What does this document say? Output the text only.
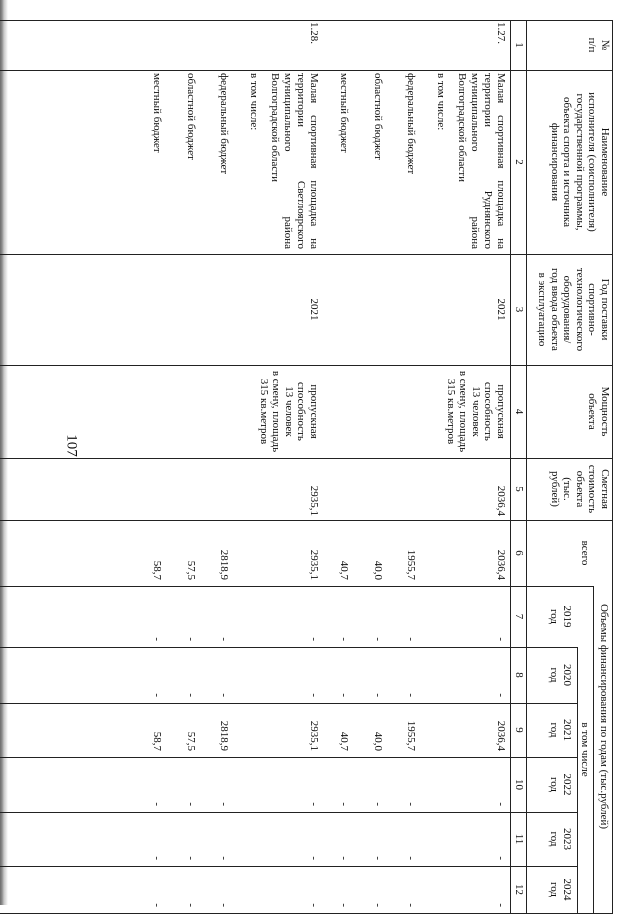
107
№
п/п
Наименование
исполнителя (соисполнителя)
государственной программы,
объекта спорта и источника
финансирования
Год поставки
спортивно-
технологического
оборудования/
год ввода объекта
в эксплуатацию
Мощность
объекта
Сметная
стоимость
объекта
(тыс.
рублей)
Объемы финансирования по годам (тыс.рублей)
всего
в том числе
2019
год
2020
год
2021
год
2022
год
2023
год
2024
год
1
2
3
4
5
6
7
8
9
10
11
12
1.27.
Малая спортивная площадка на территории Руднянского муниципального района Волгоградской области
2021
пропускная
способность
13 человек
в смену, площадь
315 кв.метров
2036,4
2036,4
-
-
2036,4
-
-
-
в том числе:
федеральный бюджет
1955,7
-
-
1955,7
-
-
-
областной бюджет
40,0
-
-
40,0
-
-
-
местный бюджет
40,7
-
-
40,7
-
-
-
1.28.
Малая спортивная площадка на территории Светлоярского муниципального района Волгоградской области
2021
пропускная
способность
13 человек
в смену, площадь
315 кв.метров
2935,1
2935,1
-
-
2935,1
-
-
-
в том числе:
федеральный бюджет
2818,9
-
-
2818,9
-
-
-
областной бюджет
57,5
-
-
57,5
-
-
-
местный бюджет
58,7
-
-
58,7
-
-
-
